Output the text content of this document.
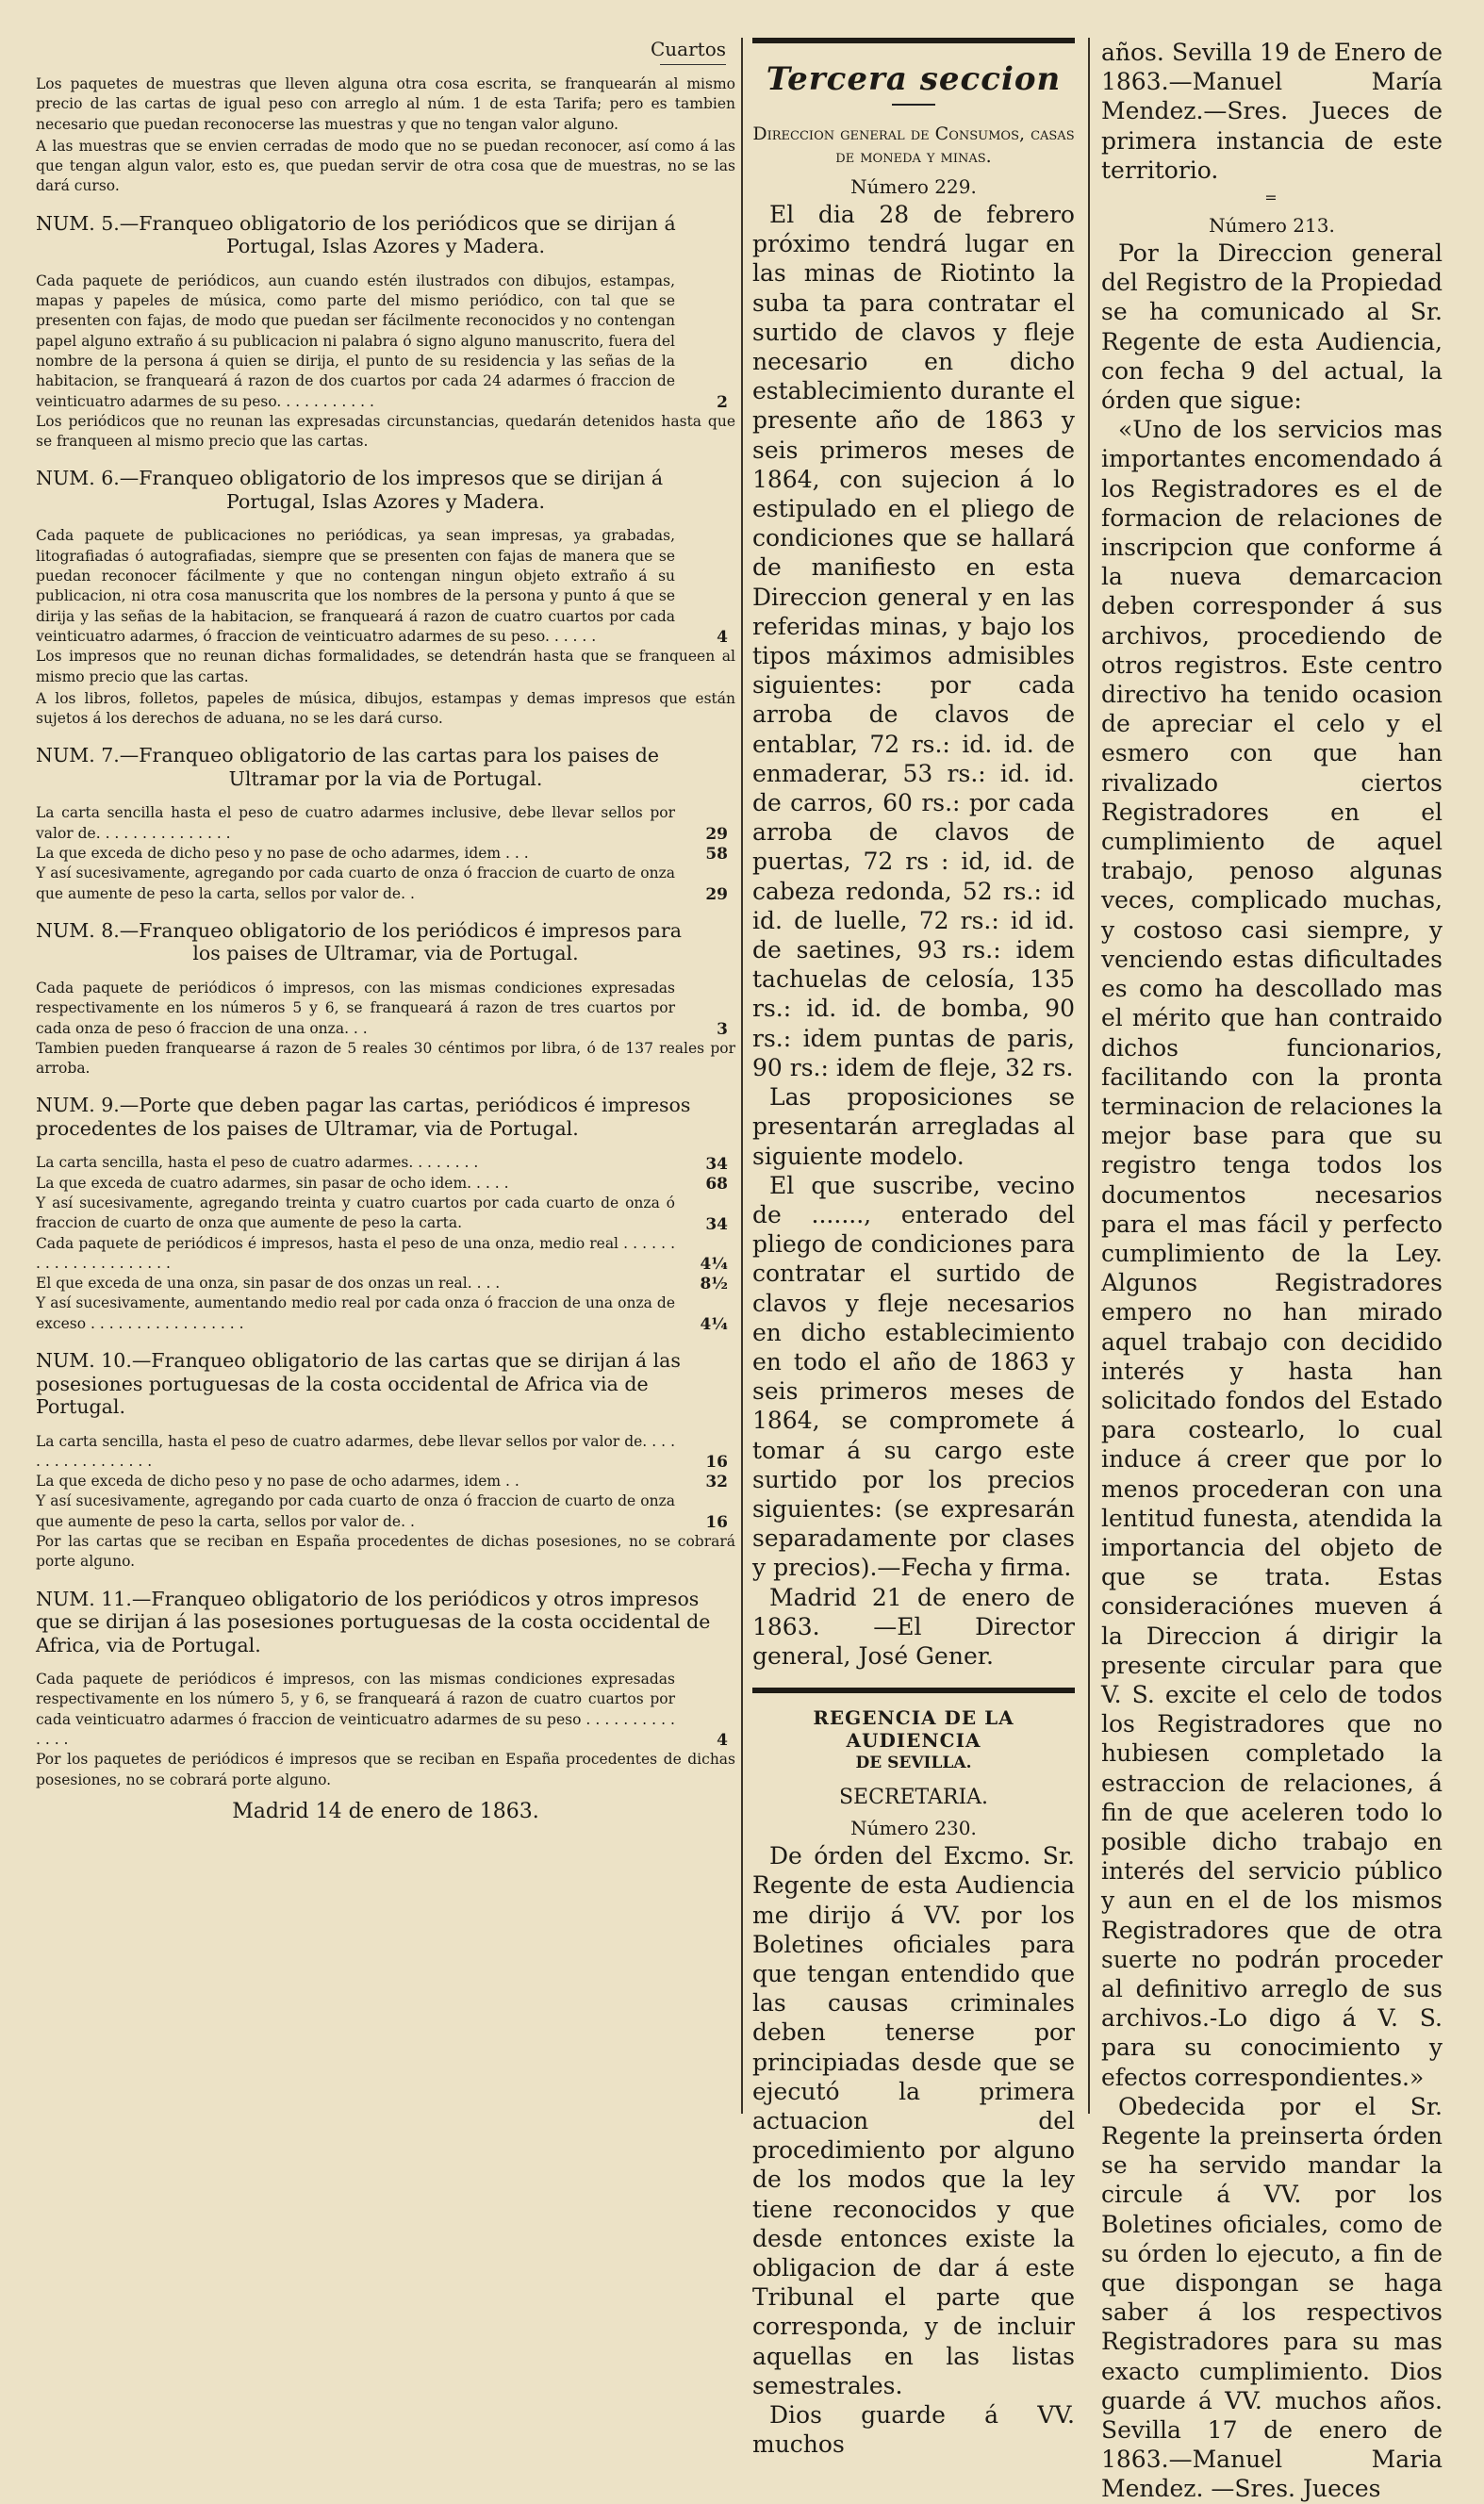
Cuartos

Los paquetes de muestras que lleven alguna otra cosa escrita, se franquearán al mismo precio de las cartas de igual peso con arreglo al núm. 1 de esta Tarifa; pero es tambien necesario que puedan reconocerse las muestras y que no tengan valor alguno.

A las muestras que se envien cerradas de modo que no se puedan reconocer, así como á las que tengan algun valor, esto es, que puedan servir de otra cosa que de muestras, no se las dará curso.

NUM. 5.—Franqueo obligatorio de los periódicos que se dirijan á
Portugal, Islas Azores y Madera.

Cada paquete de periódicos, aun cuando estén ilustrados con dibujos, estampas, mapas y papeles de música, como parte del mismo periódico, con tal que se presenten con fajas, de modo que puedan ser fácilmente reconocidos y no contengan papel alguno extraño á su publicacion ni palabra ó signo alguno manuscrito, fuera del nombre de la persona á quien se dirija, el punto de su residencia y las señas de la habitacion, se franqueará á razon de dos cuartos por cada 24 adarmes ó fraccion de veinticuatro adarmes de su peso. . . . . . . . . . .	2

Los periódicos que no reunan las expresadas circunstancias, quedarán detenidos hasta que se franqueen al mismo precio que las cartas.

NUM. 6.—Franqueo obligatorio de los impresos que se dirijan á
Portugal, Islas Azores y Madera.

Cada paquete de publicaciones no periódicas, ya sean impresas, ya grabadas, litografiadas ó autografiadas, siempre que se presenten con fajas de manera que se puedan reconocer fácilmente y que no contengan ningun objeto extraño á su publicacion, ni otra cosa manuscrita que los nombres de la persona y punto á que se dirija y las señas de la habitacion, se franqueará á razon de cuatro cuartos por cada veinticuatro adarmes, ó fraccion de veinticuatro adarmes de su peso. . . . . .	4

Los impresos que no reunan dichas formalidades, se detendrán hasta que se franqueen al mismo precio que las cartas.

A los libros, folletos, papeles de música, dibujos, estampas y demas impresos que están sujetos á los derechos de aduana, no se les dará curso.

NUM. 7.—Franqueo obligatorio de las cartas para los paises de
Ultramar por la via de Portugal.

La carta sencilla hasta el peso de cuatro adarmes inclusive, debe llevar sellos por valor de. . . . . . . . . . . . . . .	29

La que exceda de dicho peso y no pase de ocho adarmes, idem . . .	58

Y así sucesivamente, agregando por cada cuarto de onza ó fraccion de cuarto de onza que aumente de peso la carta, sellos por valor de. .	29
NUM. 8.—Franqueo obligatorio de los periódicos é impresos para
los paises de Ultramar, via de Portugal.

Cada paquete de periódicos ó impresos, con las mismas condiciones expresadas respectivamente en los números 5 y 6, se franqueará á razon de tres cuartos por cada onza de peso ó fraccion de una onza. . .	3

Tambien pueden franquearse á razon de 5 reales 30 céntimos por libra, ó de 137 reales por arroba.

NUM. 9.—Porte que deben pagar las cartas, periódicos é impresos procedentes de los paises de Ultramar, via de Portugal.

La carta sencilla, hasta el peso de cuatro adarmes. . . . . . . .	34

La que exceda de cuatro adarmes, sin pasar de ocho idem. . . . .	68

Y así sucesivamente, agregando treinta y cuatro cuartos por cada cuarto de onza ó fraccion de cuarto de onza que aumente de peso la carta.	34

Cada paquete de periódicos é impresos, hasta el peso de una onza, medio real . . . . . . . . . . . . . . . . . . . . .	4¼

El que exceda de una onza, sin pasar de dos onzas un real. . . .	8½

Y así sucesivamente, aumentando medio real por cada onza ó fraccion de una onza de exceso . . . . . . . . . . . . . . . . .	4¼
NUM. 10.—Franqueo obligatorio de las cartas que se dirijan á las posesiones portuguesas de la costa occidental de Africa via de Portugal.

La carta sencilla, hasta el peso de cuatro adarmes, debe llevar sellos por valor de. . . . . . . . . . . . . . . . .	16

La que exceda de dicho peso y no pase de ocho adarmes, idem . .	32

Y así sucesivamente, agregando por cada cuarto de onza ó fraccion de cuarto de onza que aumente de peso la carta, sellos por valor de. .	16

Por las cartas que se reciban en España procedentes de dichas posesiones, no se cobrará porte alguno.

NUM. 11.—Franqueo obligatorio de los periódicos y otros impresos que se dirijan á las posesiones portuguesas de la costa occidental de Africa, via de Portugal.

Cada paquete de periódicos é impresos, con las mismas condiciones expresadas respectivamente en los número 5, y 6, se franqueará á razon de cuatro cuartos por cada veinticuatro adarmes ó fraccion de veinticuatro adarmes de su peso . . . . . . . . . . . . . .	4

Por los paquetes de periódicos é impresos que se reciban en España procedentes de dichas posesiones, no se cobrará porte alguno.

Madrid 14 de enero de 1863.
Tercera seccion
Direccion general de Consumos, casas de moneda y minas.
Número 229.

El dia 28 de febrero próximo tendrá lugar en las minas de Riotinto la suba ta para contratar el surtido de clavos y fleje necesario en dicho establecimiento durante el presente año de 1863 y seis primeros meses de 1864, con sujecion á lo estipulado en el pliego de condiciones que se hallará de manifiesto en esta Direccion general y en las referidas minas, y bajo los tipos máximos admisibles siguientes: por cada arroba de clavos de entablar, 72 rs.: id. id. de enmaderar, 53 rs.: id. id. de carros, 60 rs.: por cada arroba de clavos de puertas, 72 rs : id, id. de cabeza redonda, 52 rs.: id id. de luelle, 72 rs.: id id. de saetines, 93 rs.: idem tachuelas de celosía, 135 rs.: id. id. de bomba, 90 rs.: idem puntas de paris, 90 rs.: idem de fleje, 32 rs.

Las proposiciones se presentarán arregladas al siguiente modelo.

El que suscribe, vecino de ......., enterado del pliego de condiciones para contratar el surtido de clavos y fleje necesarios en dicho establecimiento en todo el año de 1863 y seis primeros meses de 1864, se compromete á tomar á su cargo este surtido por los precios siguientes: (se expresarán separadamente por clases y precios).—Fecha y firma.

Madrid 21 de enero de 1863. —El Director general, José Gener.

REGENCIA DE LA AUDIENCIA
DE SEVILLA.
SECRETARIA.
Número 230.

De órden del Excmo. Sr. Regente de esta Audiencia me dirijo á VV. por los Boletines oficiales para que tengan entendido que las causas criminales deben tenerse por principiadas desde que se ejecutó la primera actuacion del procedimiento por alguno de los modos que la ley tiene reconocidos y que desde entonces existe la obligacion de dar á este Tribunal el parte que corresponda, y de incluir aquellas en las listas semestrales.

Dios guarde á VV. muchos

años. Sevilla 19 de Enero de 1863.—Manuel María Mendez.—Sres. Jueces de primera instancia de este territorio.

=
Número 213.

Por la Direccion general del Registro de la Propiedad se ha comunicado al Sr. Regente de esta Audiencia, con fecha 9 del actual, la órden que sigue:

«Uno de los servicios mas importantes encomendado á los Registradores es el de formacion de relaciones de inscripcion que conforme á la nueva demarcacion deben corresponder á sus archivos, procediendo de otros registros. Este centro directivo ha tenido ocasion de apreciar el celo y el esmero con que han rivalizado ciertos Registradores en el cumplimiento de aquel trabajo, penoso algunas veces, complicado muchas, y costoso casi siempre, y venciendo estas dificultades es como ha descollado mas el mérito que han contraido dichos funcionarios, facilitando con la pronta terminacion de relaciones la mejor base para que su registro tenga todos los documentos necesarios para el mas fácil y perfecto cumplimiento de la Ley. Algunos Registradores empero no han mirado aquel trabajo con decidido interés y hasta han solicitado fondos del Estado para costearlo, lo cual induce á creer que por lo menos procederan con una lentitud funesta, atendida la importancia del objeto de que se trata. Estas consideraciónes mueven á la Direccion á dirigir la presente circular para que V. S. excite el celo de todos los Registradores que no hubiesen completado la estraccion de relaciones, á fin de que aceleren todo lo posible dicho trabajo en interés del servicio público y aun en el de los mismos Registradores que de otra suerte no podrán proceder al definitivo arreglo de sus archivos.-Lo digo á V. S. para su conocimiento y efectos correspondientes.»

Obedecida por el Sr. Regente la preinserta órden se ha servido mandar la circule á VV. por los Boletines oficiales, como de su órden lo ejecuto, a fin de que dispongan se haga saber á los respectivos Registradores para su mas exacto cumplimiento. Dios guarde á VV. muchos años. Sevilla 17 de enero de 1863.—Manuel Maria Mendez. —Sres. Jueces
